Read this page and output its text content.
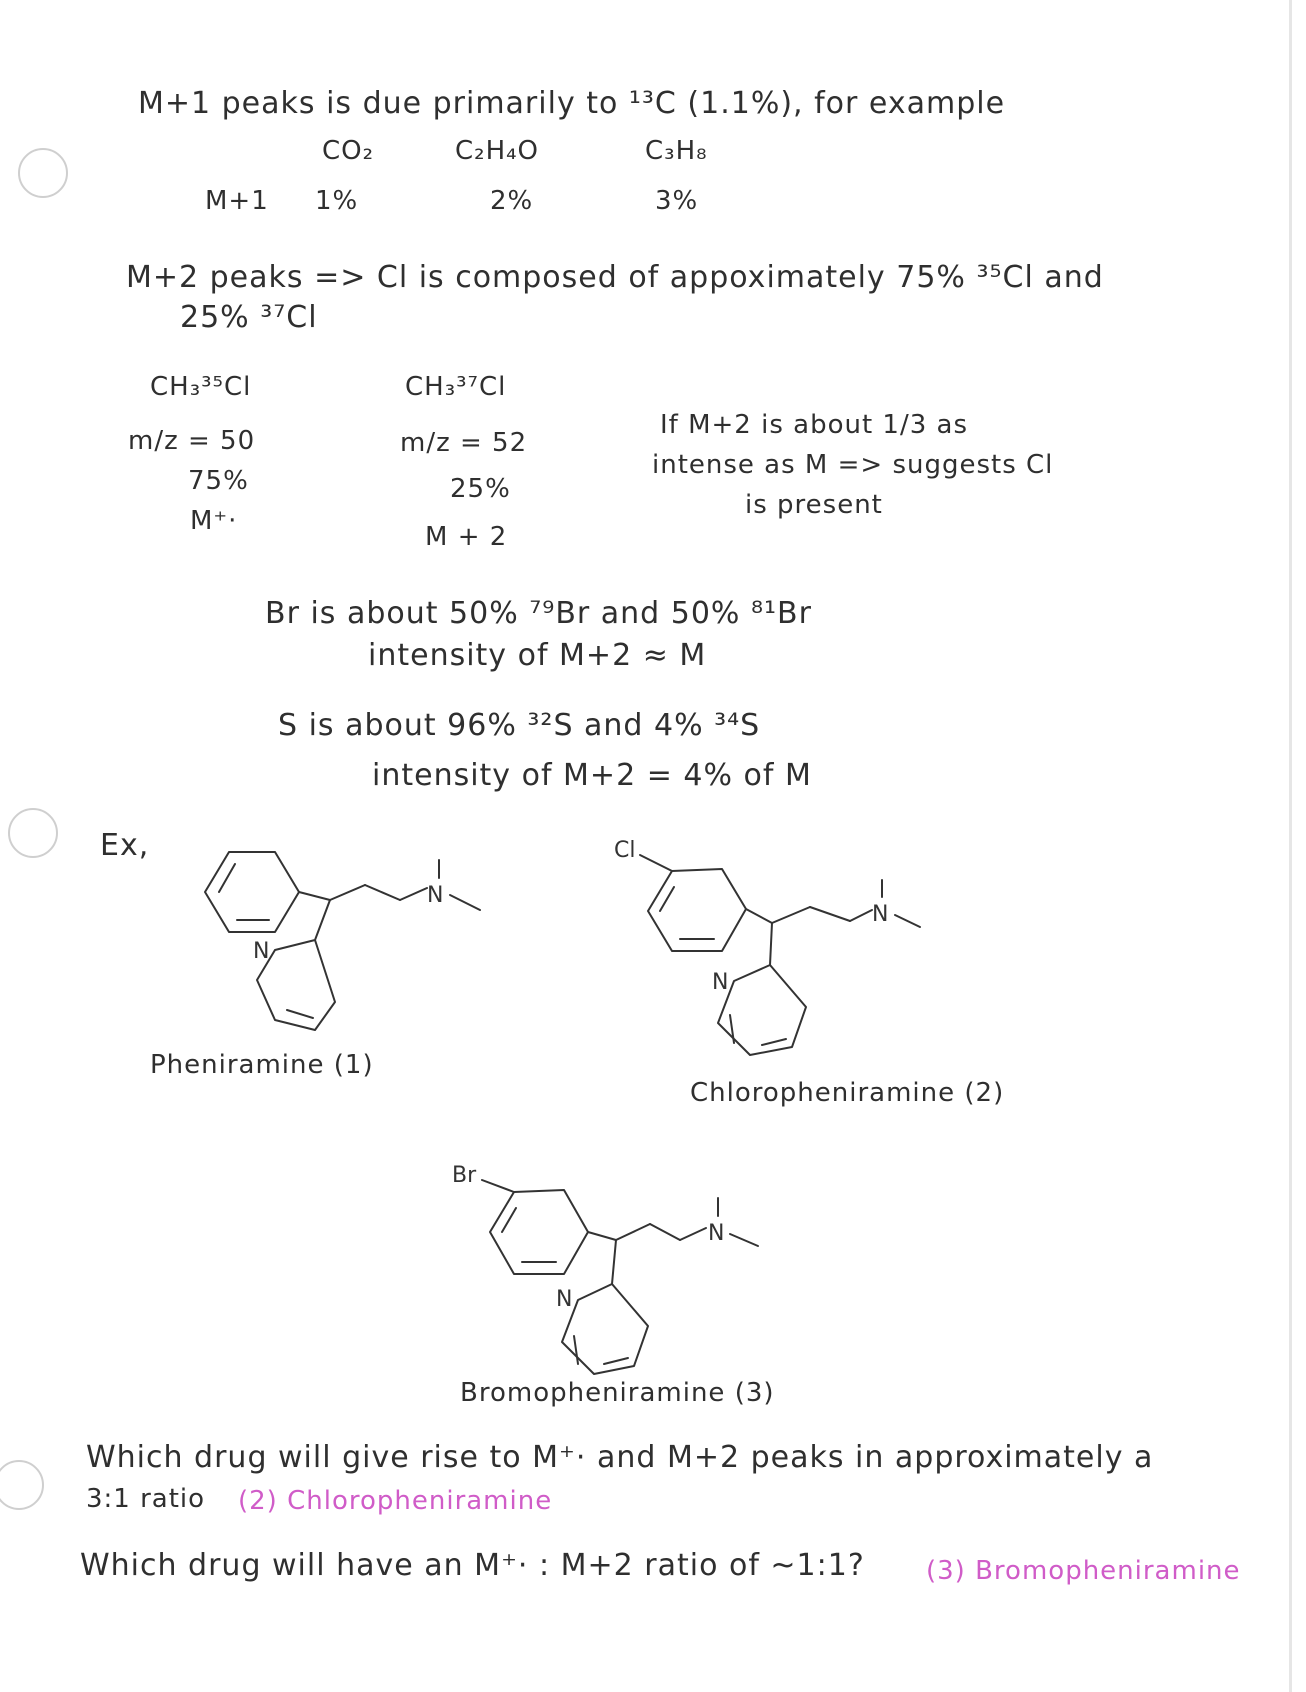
M+1 peaks is due primarily to ¹³C (1.1%), for example
CO₂	C₂H₄O	C₃H₈
M+1 1%	2%	3%
M+2 peaks => Cl is composed of appoximately 75% ³⁵Cl and
25% ³⁷Cl
CH₃³⁵Cl
m/z = 50
75%
M⁺·
CH₃³⁷Cl
m/z = 52
25%
M + 2
If M+2 is about 1/3 as
intense as M => suggests Cl
is present
Br is about 50% ⁷⁹Br and 50% ⁸¹Br
intensity of M+2 ≈ M
S is about 96% ³²S and 4% ³⁴S
intensity of M+2 = 4% of M
Ex,
N
N
Pheniramine (1)
Cl
N
N
Chloropheniramine (2)
Br
N
N
Bromopheniramine (3)
Which drug will give rise to M⁺· and M+2 peaks in approximately a
3:1 ratio (2) Chloropheniramine
Which drug will have an M⁺· : M+2 ratio of ~1:1? (3) Bromopheniramine
